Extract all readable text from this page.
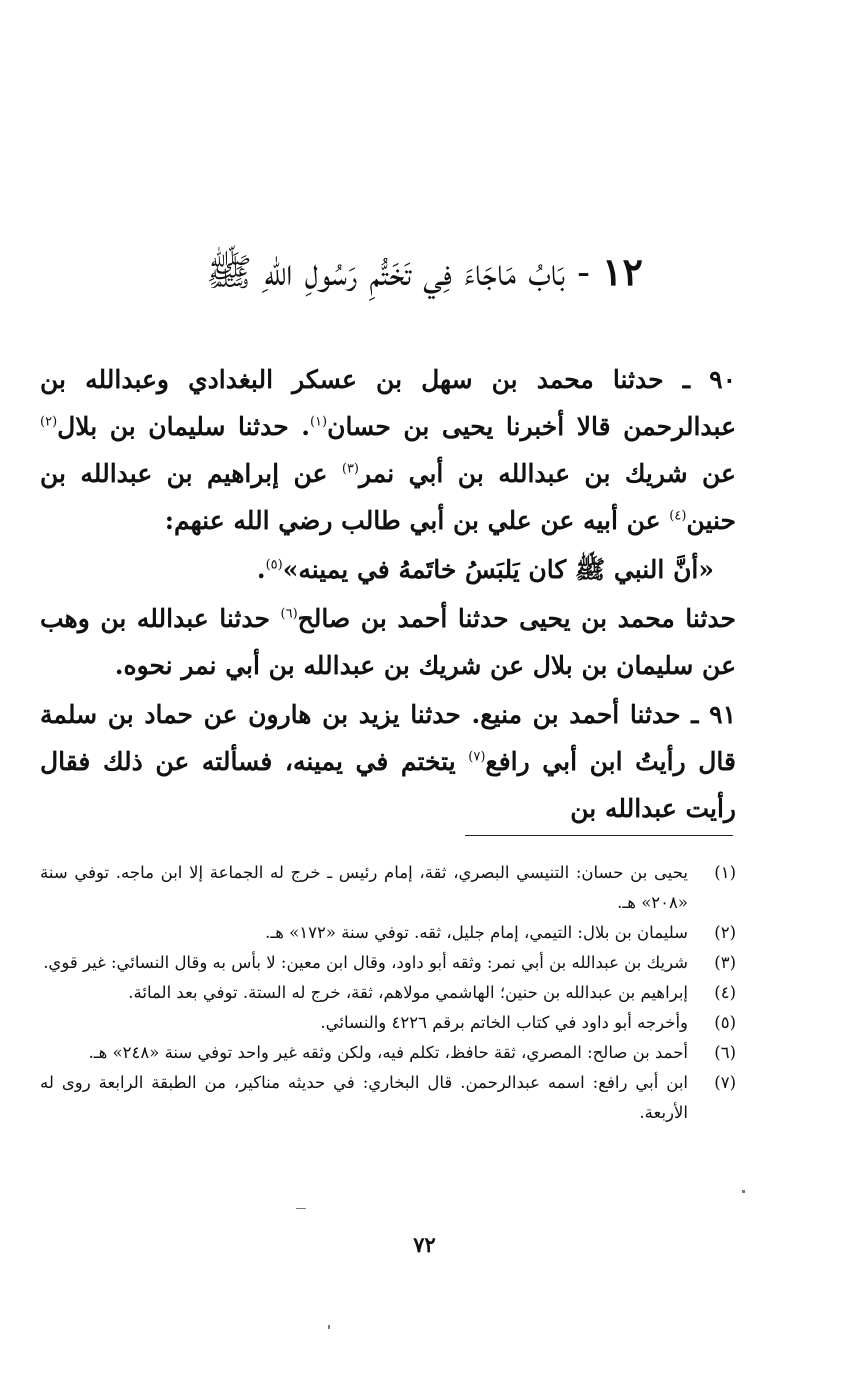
١٢ - بَابُ مَاجَاءَ فِي تَخَتُّمِ رَسُولِ اللهِ ﷺ

٩٠ ـ حدثنا محمد بن سهل بن عسكر البغدادي وعبدالله بن عبدالرحمن قالا أخبرنا يحيى بن حسان$^{(١)}$. حدثنا سليمان بن بلال$^{(٢)}$ عن شريك بن عبدالله بن أبي نمر$^{(٣)}$ عن إبراهيم بن عبدالله بن حنين$^{(٤)}$ عن أبيه عن علي بن أبي طالب رضي الله عنهم:

«أنَّ النبي ﷺ كان يَلبَسُ خاتَمهُ في يمينه»$^{(٥)}$.

حدثنا محمد بن يحيى حدثنا أحمد بن صالح$^{(٦)}$ حدثنا عبدالله بن وهب عن سليمان بن بلال عن شريك بن عبدالله بن أبي نمر نحوه.

٩١ ـ حدثنا أحمد بن منيع. حدثنا يزيد بن هارون عن حماد بن سلمة قال رأيتُ ابن أبي رافع$^{(٧)}$ يتختم في يمينه، فسألته عن ذلك فقال رأيت عبدالله بن

(١)
يحيى بن حسان: التنيسي البصري، ثقة، إمام رئيس ـ خرج له الجماعة إلا ابن ماجه. توفي سنة «٢٠٨» هـ.
(٢)
سليمان بن بلال: التيمي، إمام جليل، ثقه. توفي سنة «١٧٢» هـ.
(٣)
شريك بن عبدالله بن أبي نمر: وثقه أبو داود، وقال ابن معين: لا بأس به وقال النسائي: غير قوي.
(٤)
إبراهيم بن عبدالله بن حنين؛ الهاشمي مولاهم، ثقة، خرج له الستة. توفي بعد المائة.
(٥)
وأخرجه أبو داود في كتاب الخاتم برقم ٤٢٢٦ والنسائي.
(٦)
أحمد بن صالح: المصري، ثقة حافظ، تكلم فيه، ولكن وثقه غير واحد توفي سنة «٢٤٨» هـ.
(٧)
ابن أبي رافع: اسمه عبدالرحمن. قال البخاري: في حديثه مناكير، من الطبقة الرابعة روى له الأربعة.
٧٢
